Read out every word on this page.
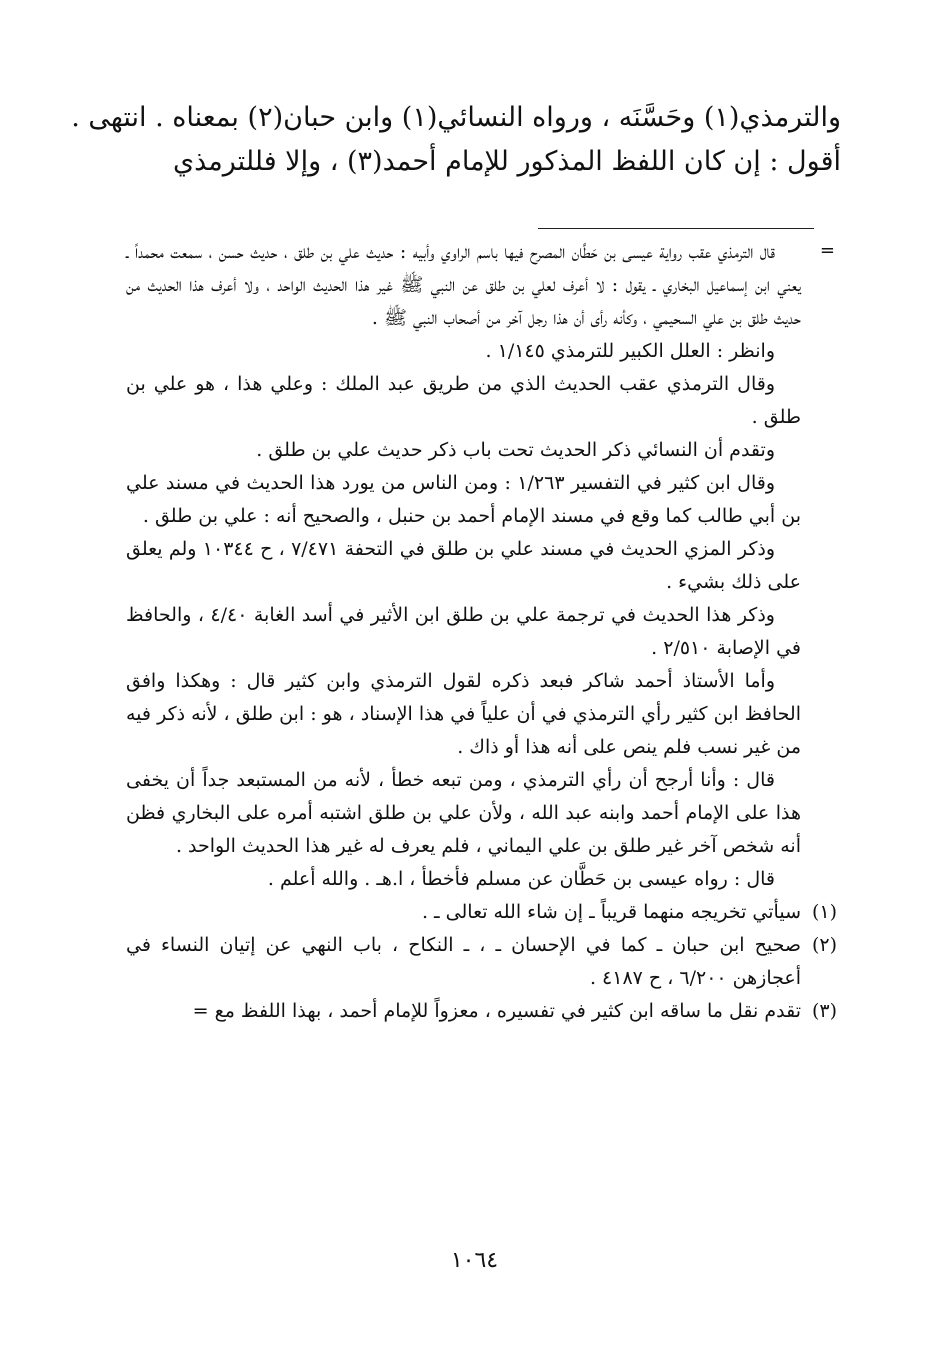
والترمذي(١) وحَسَّنَه ، ورواه النسائي(١) وابن حبان(٢) بمعناه . انتهى .
أقول : إن كان اللفظ المذكور للإمام أحمد(٣) ، وإلا فللترمذي
=

قال الترمذي عقب رواية عيسى بن حَطَّان المصرح فيها باسم الراوي وأبيه : حديث علي بن طلق ، حديث حسن ، سمعت محمداً ـ يعني ابن إسماعيل البخاري ـ يقول : لا أعرف لعلي بن طلق عن النبي ﷺ غير هذا الحديث الواحد ، ولا أعرف هذا الحديث من حديث طلق بن علي السحيمي ، وكأنه رأى أن هذا رجل آخر من أصحاب النبي ﷺ .

وانظر : العلل الكبير للترمذي ١/١٤٥ .

وقال الترمذي عقب الحديث الذي من طريق عبد الملك : وعلي هذا ، هو علي بن طلق .

وتقدم أن النسائي ذكر الحديث تحت باب ذكر حديث علي بن طلق .

وقال ابن كثير في التفسير ١/٢٦٣ : ومن الناس من يورد هذا الحديث في مسند علي بن أبي طالب كما وقع في مسند الإمام أحمد بن حنبل ، والصحيح أنه : علي بن طلق .

وذكر المزي الحديث في مسند علي بن طلق في التحفة ٧/٤٧١ ، ح ١٠٣٤٤ ولم يعلق على ذلك بشيء .

وذكر هذا الحديث في ترجمة علي بن طلق ابن الأثير في أسد الغابة ٤/٤٠ ، والحافظ في الإصابة ٢/٥١٠ .

وأما الأستاذ أحمد شاكر فبعد ذكره لقول الترمذي وابن كثير قال : وهكذا وافق الحافظ ابن كثير رأي الترمذي في أن علياً في هذا الإسناد ، هو : ابن طلق ، لأنه ذكر فيه من غير نسب فلم ينص على أنه هذا أو ذاك .

قال : وأنا أرجح أن رأي الترمذي ، ومن تبعه خطأ ، لأنه من المستبعد جداً أن يخفى هذا على الإمام أحمد وابنه عبد الله ، ولأن علي بن طلق اشتبه أمره على البخاري فظن أنه شخص آخر غير طلق بن علي اليماني ، فلم يعرف له غير هذا الحديث الواحد .

قال : رواه عيسى بن حَطَّان عن مسلم فأخطأ ، ا.هـ . والله أعلم .

(١)
سيأتي تخريجه منهما قريباً ـ إن شاء الله تعالى ـ .
(٢)
صحيح ابن حبان ـ كما في الإحسان ـ ، ـ النكاح ، باب النهي عن إتيان النساء في أعجازهن ٦/٢٠٠ ، ح ٤١٨٧ .
(٣)
تقدم نقل ما ساقه ابن كثير في تفسيره ، معزواً للإمام أحمد ، بهذا اللفظ مع =
١٠٦٤
